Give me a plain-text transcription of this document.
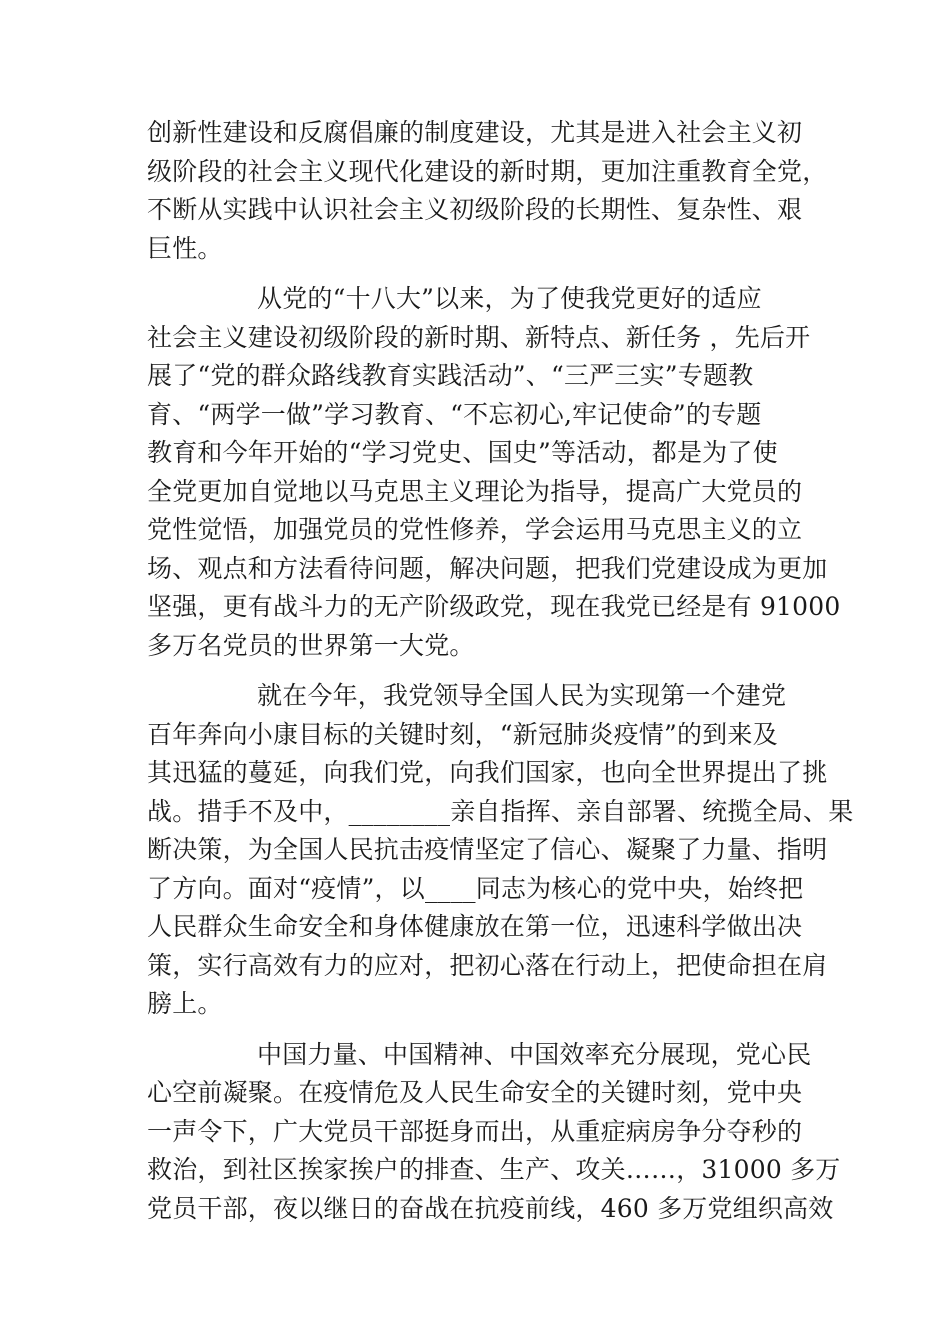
创新性建设和反腐倡廉的制度建设，尤其是进入社会主义初
级阶段的社会主义现代化建设的新时期，更加注重教育全党，
不断从实践中认识社会主义初级阶段的长期性、复杂性、艰
巨性。
从党的“十八大”以来，为了使我党更好的适应
社会主义建设初级阶段的新时期、新特点、新任务 ，先后开
展了“党的群众路线教育实践活动”、“三严三实”专题教
育、“两学一做”学习教育、“不忘初心,牢记使命”的专题
教育和今年开始的“学习党史、国史”等活动，都是为了使
全党更加自觉地以马克思主义理论为指导，提高广大党员的
党性觉悟，加强党员的党性修养，学会运用马克思主义的立
场、观点和方法看待问题，解决问题，把我们党建设成为更加
坚强，更有战斗力的无产阶级政党，现在我党已经是有 91000
多万名党员的世界第一大党。
就在今年，我党领导全国人民为实现第一个建党
百年奔向小康目标的关键时刻，“新冠肺炎疫情”的到来及
其迅猛的蔓延，向我们党，向我们国家，也向全世界提出了挑
战。措手不及中，________亲自指挥、亲自部署、统揽全局、果
断决策，为全国人民抗击疫情坚定了信心、凝聚了力量、指明
了方向。面对“疫情”，以____同志为核心的党中央，始终把
人民群众生命安全和身体健康放在第一位，迅速科学做出决
策，实行高效有力的应对，把初心落在行动上，把使命担在肩
膀上。
中国力量、中国精神、中国效率充分展现，党心民
心空前凝聚。在疫情危及人民生命安全的关键时刻，党中央
一声令下，广大党员干部挺身而出，从重症病房争分夺秒的
救治，到社区挨家挨户的排查、生产、攻关……，31000 多万
党员干部，夜以继日的奋战在抗疫前线，460 多万党组织高效
